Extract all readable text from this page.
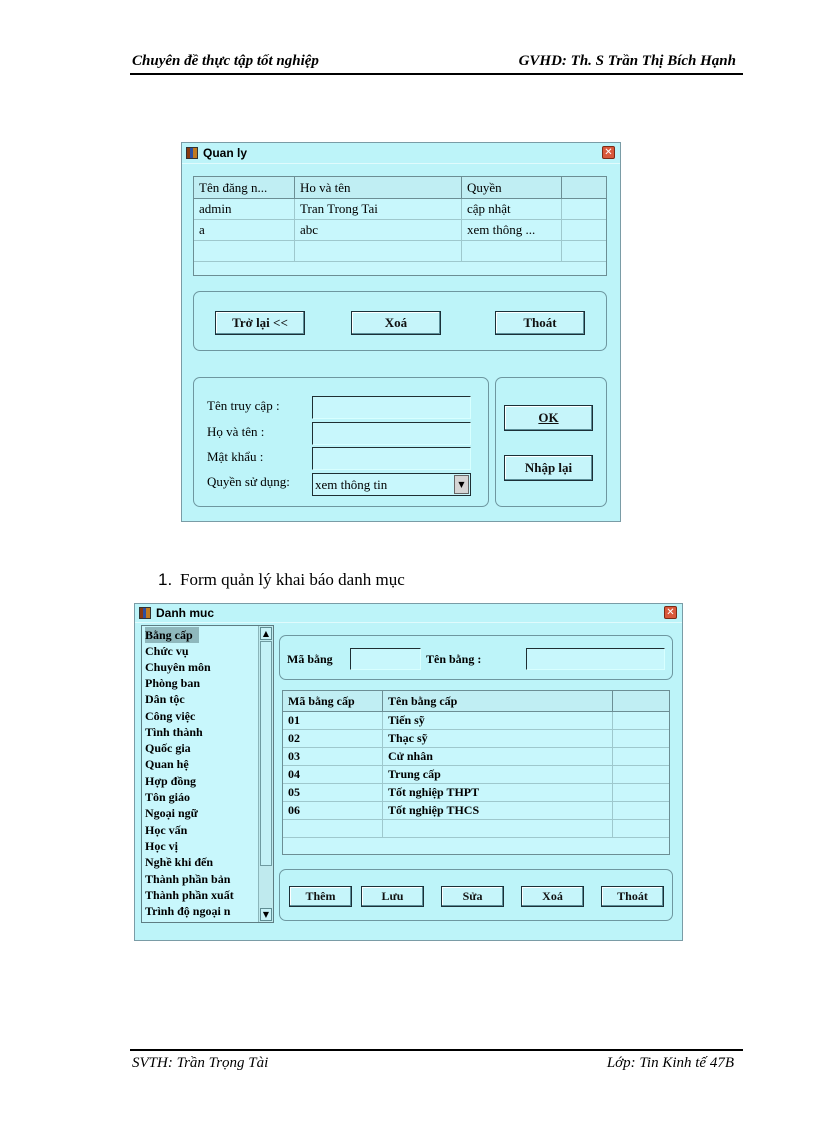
Chuyên đề thực tập tốt nghiệp	GVHD: Th. S Trần Thị Bích Hạnh
Quan ly	✕
Tên đăng n...	Ho và tên	Quyền
admin	Tran Trong Tai	cập nhật
a	abc	xem thông ...
Trở lại <<	Xoá	Thoát
Tên truy cập :
Họ và tên :
Mật khẩu :
Quyền sử dụng: xem thông tin	▼
OK
Nhập lại
1. Form quản lý khai báo danh mục
Danh muc	✕
Bằng cấp
Chức vụ
Chuyên môn
Phòng ban
Dân tộc
Công việc
Tình thành
Quốc gia
Quan hệ
Hợp đồng
Tôn giáo
Ngoại ngữ
Học vấn
Học vị
Nghề khi đến
Thành phần bản
Thành phần xuất
Trình độ ngoại n
▲
▼
Mã bằng	Tên bằng :
Mã bằng cấp	Tên bằng cấp
01	Tiến sỹ
02	Thạc sỹ
03	Cử nhân
04	Trung cấp
05	Tốt nghiệp THPT
06	Tốt nghiệp THCS
Thêm	Lưu	Sửa	Xoá	Thoát
SVTH: Trần Trọng Tài	Lớp: Tin Kinh tế 47B
